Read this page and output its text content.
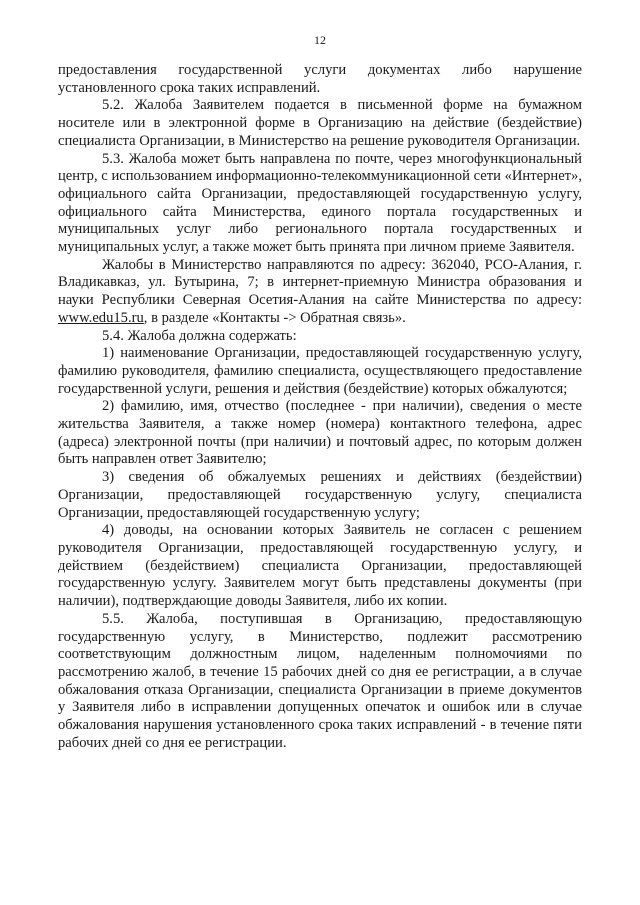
12

предоставления государственной услуги документах либо нарушение установленного срока таких исправлений.

5.2. Жалоба Заявителем подается в письменной форме на бумажном носителе или в электронной форме в Организацию на действие (бездействие) специалиста Организации, в Министерство на решение руководителя Организации.

5.3. Жалоба может быть направлена по почте, через многофункциональный центр, с использованием информационно-телекоммуникационной сети «Интернет», официального сайта Организации, предоставляющей государственную услугу, официального сайта Министерства, единого портала государственных и муниципальных услуг либо регионального портала государственных и муниципальных услуг, а также может быть принята при личном приеме Заявителя.

Жалобы в Министерство направляются по адресу: 362040, РСО-Алания, г. Владикавказ, ул. Бутырина, 7; в интернет-приемную Министра образования и науки Республики Северная Осетия-Алания на сайте Министерства по адресу: www.edu15.ru, в разделе «Контакты -> Обратная связь».

5.4. Жалоба должна содержать:

1) наименование Организации, предоставляющей государственную услугу, фамилию руководителя, фамилию специалиста, осуществляющего предоставление государственной услуги, решения и действия (бездействие) которых обжалуются;

2) фамилию, имя, отчество (последнее - при наличии), сведения о месте жительства Заявителя, а также номер (номера) контактного телефона, адрес (адреса) электронной почты (при наличии) и почтовый адрес, по которым должен быть направлен ответ Заявителю;

3) сведения об обжалуемых решениях и действиях (бездействии) Организации, предоставляющей государственную услугу, специалиста Организации, предоставляющей государственную услугу;

4) доводы, на основании которых Заявитель не согласен с решением руководителя Организации, предоставляющей государственную услугу, и действием (бездействием) специалиста Организации, предоставляющей государственную услугу. Заявителем могут быть представлены документы (при наличии), подтверждающие доводы Заявителя, либо их копии.

5.5. Жалоба, поступившая в Организацию, предоставляющую государственную услугу, в Министерство, подлежит рассмотрению соответствующим должностным лицом, наделенным полномочиями по рассмотрению жалоб, в течение 15 рабочих дней со дня ее регистрации, а в случае обжалования отказа Организации, специалиста Организации в приеме документов у Заявителя либо в исправлении допущенных опечаток и ошибок или в случае обжалования нарушения установленного срока таких исправлений - в течение пяти рабочих дней со дня ее регистрации.
